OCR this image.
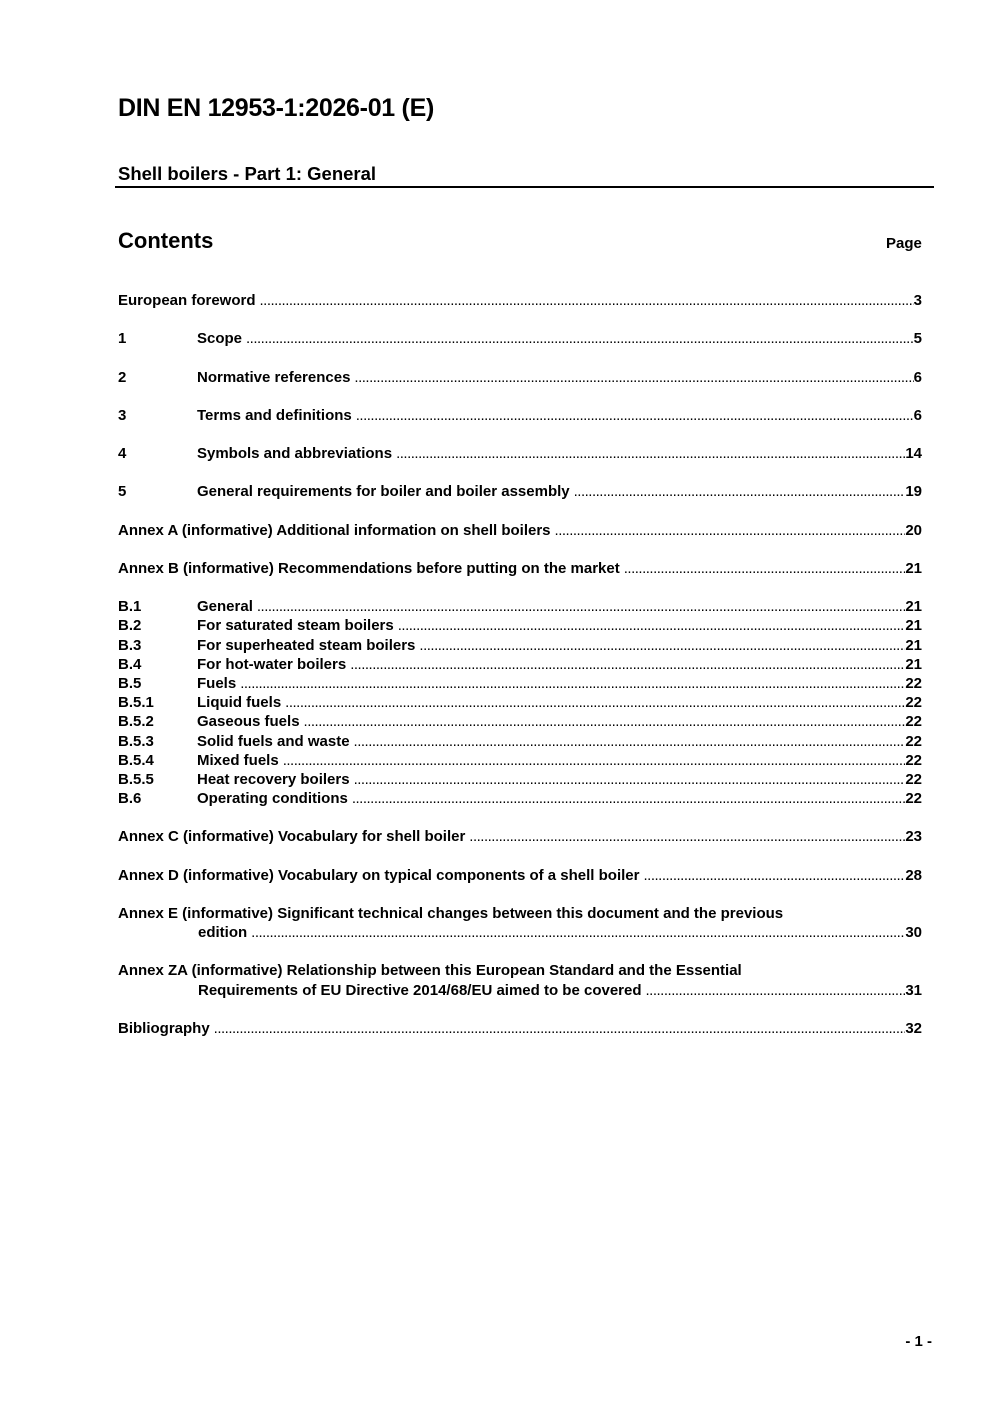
DIN EN 12953-1:2026-01 (E)
Shell boilers - Part 1: General
Contents	Page
European foreword .....	3
1	Scope .....	5
2	Normative references .....	6
3	Terms and definitions .....	6
4	Symbols and abbreviations .....	14
5	General requirements for boiler and boiler assembly .....	19
Annex A (informative) Additional information on shell boilers .....	20
Annex B (informative) Recommendations before putting on the market .....	21
B.1	General .....	21
B.2	For saturated steam boilers .....	21
B.3	For superheated steam boilers .....	21
B.4	For hot-water boilers .....	21
B.5	Fuels .....	22
B.5.1	Liquid fuels .....	22
B.5.2	Gaseous fuels .....	22
B.5.3	Solid fuels and waste .....	22
B.5.4	Mixed fuels .....	22
B.5.5	Heat recovery boilers .....	22
B.6	Operating conditions .....	22
Annex C (informative) Vocabulary for shell boiler .....	23
Annex D (informative) Vocabulary on typical components of a shell boiler .....	28
Annex E (informative) Significant technical changes between this document and the previous
edition .....	30
Annex ZA (informative) Relationship between this European Standard and the Essential
Requirements of EU Directive 2014/68/EU aimed to be covered .....	31
Bibliography .....	32
- 1 -
